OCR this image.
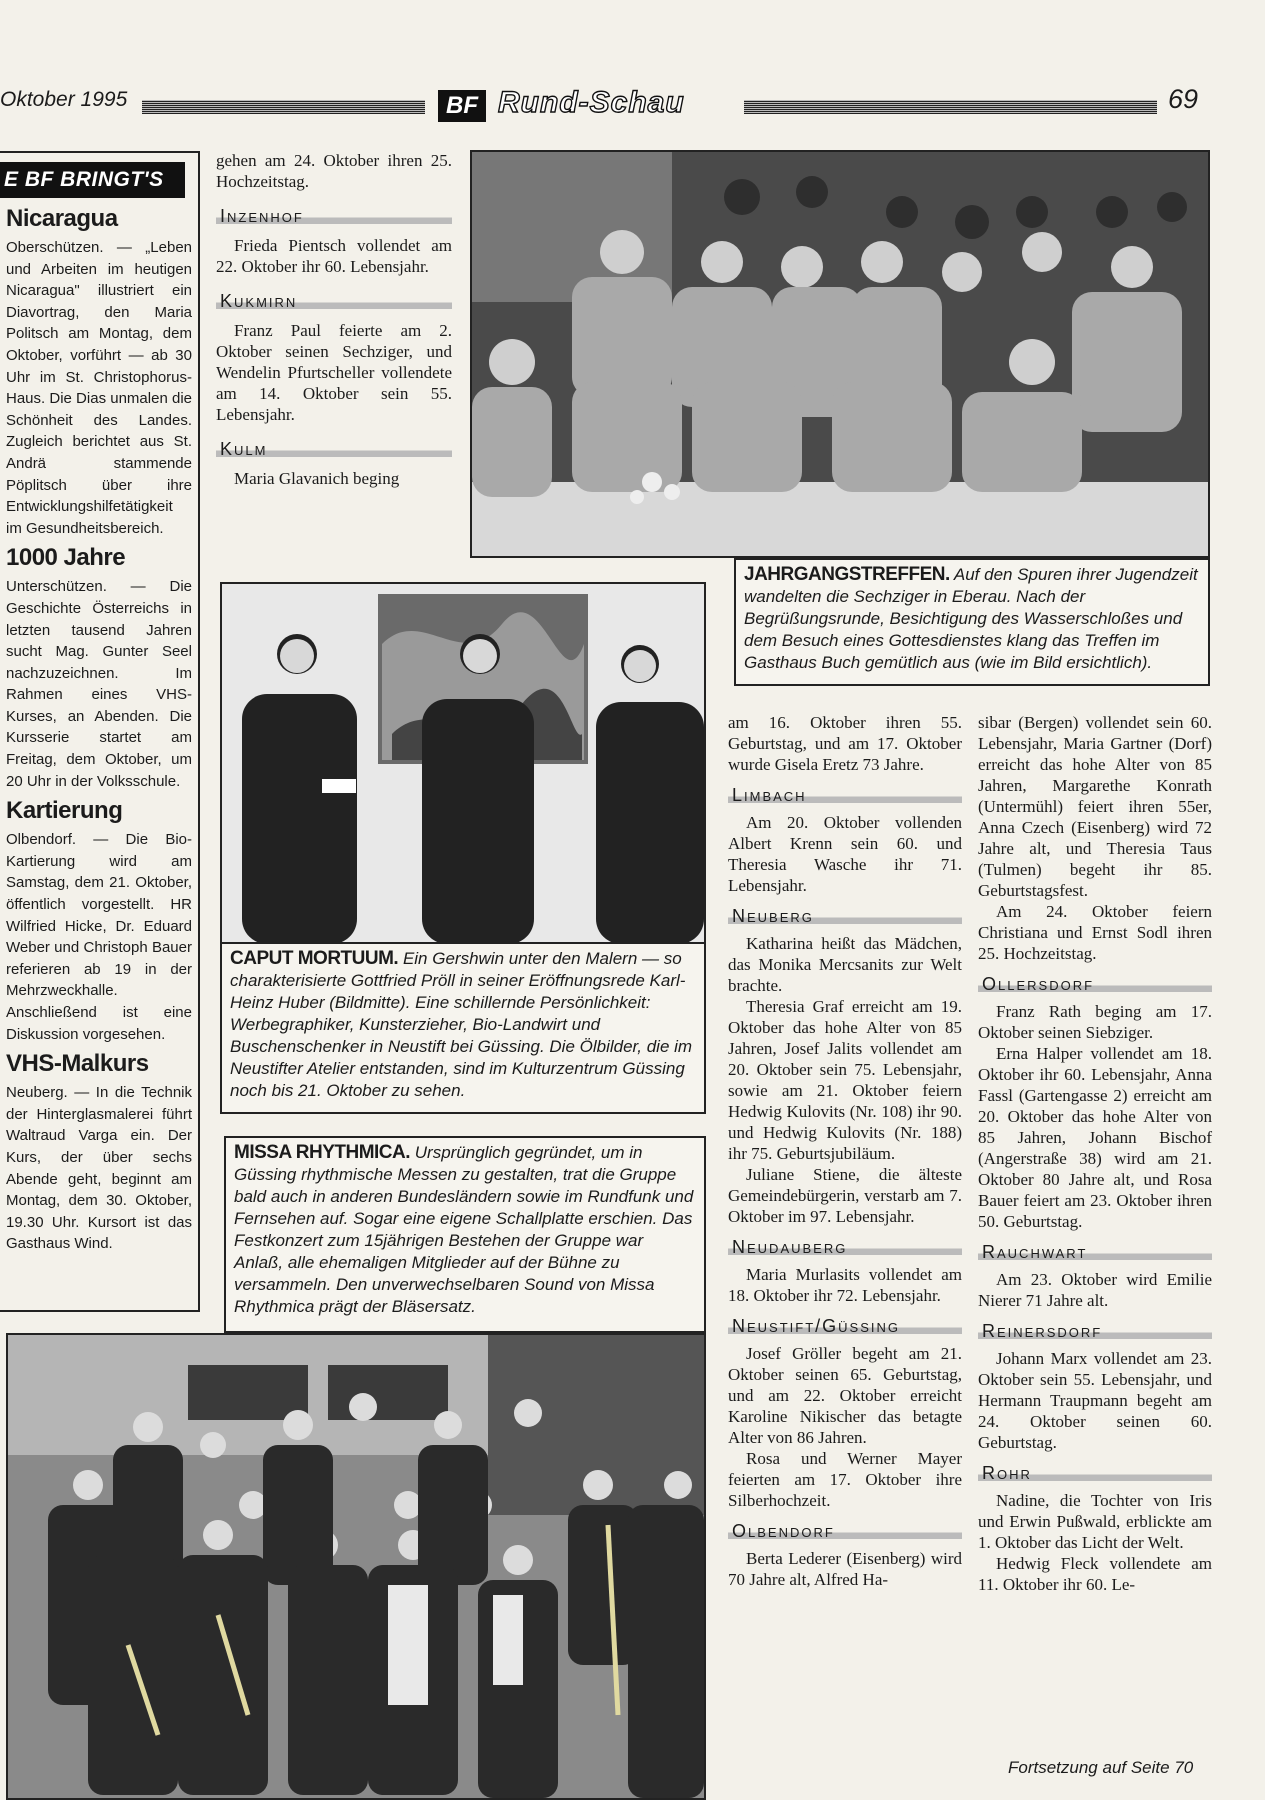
Oktober 1995	BF Rund-Schau	69
E BF BRINGT'S
Nicaragua

Oberschützen. — „Leben und Arbeiten im heutigen Nicaragua" illustriert ein Diavortrag, den Maria Politsch am Montag, dem Oktober, vorführt — ab 30 Uhr im St. Christophorus-Haus. Die Dias unmalen die Schönheit des Landes. Zugleich berichtet aus St. Andrä stammende Pöplitsch über ihre Entwicklungshilfetätigkeit im Gesundheitsbereich.

1000 Jahre

Unterschützen. — Die Geschichte Österreichs in letzten tausend Jahren sucht Mag. Gunter Seel nachzuzeichnen. Im Rahmen eines VHS-Kurses, an Abenden. Die Kursserie startet am Freitag, dem Oktober, um 20 Uhr in der Volksschule.

Kartierung

Olbendorf. — Die Bio-Kartierung wird am Samstag, dem 21. Oktober, öffentlich vorgestellt. HR Wilfried Hicke, Dr. Eduard Weber und Christoph Bauer referieren ab 19 in der Mehrzweckhalle. Anschließend ist eine Diskussion vorgesehen.

VHS-Malkurs

Neuberg. — In die Technik der Hinterglasmalerei führt Waltraud Varga ein. Der Kurs, der über sechs Abende geht, beginnt am Montag, dem 30. Oktober, 19.30 Uhr. Kursort ist das Gasthaus Wind.

gehen am 24. Oktober ihren 25. Hochzeitstag.

Inzenhof

Frieda Pientsch vollendet am 22. Oktober ihr 60. Lebensjahr.

Kukmirn

Franz Paul feierte am 2. Oktober seinen Sechziger, und Wendelin Pfurtscheller vollendete am 14. Oktober sein 55. Lebensjahr.

Kulm

Maria Glavanich beging

JAHRGANGSTREFFEN. Auf den Spuren ihrer Jugendzeit wandelten die Sechziger in Eberau. Nach der Begrüßungsrunde, Besichtigung des Wasserschloßes und dem Besuch eines Gottesdienstes klang das Treffen im Gasthaus Buch gemütlich aus (wie im Bild ersichtlich).
CAPUT MORTUUM. Ein Gershwin unter den Malern — so charakterisierte Gottfried Pröll in seiner Eröffnungsrede Karl-Heinz Huber (Bildmitte). Eine schillernde Persönlichkeit: Werbegraphiker, Kunsterzieher, Bio-Landwirt und Buschenschenker in Neustift bei Güssing. Die Ölbilder, die im Neustifter Atelier entstanden, sind im Kulturzentrum Güssing noch bis 21. Oktober zu sehen.
MISSA RHYTHMICA. Ursprünglich gegründet, um in Güssing rhythmische Messen zu gestalten, trat die Gruppe bald auch in anderen Bundesländern sowie im Rundfunk und Fernsehen auf. Sogar eine eigene Schallplatte erschien. Das Festkonzert zum 15jährigen Bestehen der Gruppe war Anlaß, alle ehemaligen Mitglieder auf der Bühne zu versammeln. Den unverwechselbaren Sound von Missa Rhythmica prägt der Bläsersatz.

am 16. Oktober ihren 55. Geburtstag, und am 17. Oktober wurde Gisela Eretz 73 Jahre.

Limbach

Am 20. Oktober vollenden Albert Krenn sein 60. und Theresia Wasche ihr 71. Lebensjahr.

Neuberg

Katharina heißt das Mädchen, das Monika Mercsanits zur Welt brachte.

Theresia Graf erreicht am 19. Oktober das hohe Alter von 85 Jahren, Josef Jalits vollendet am 20. Oktober sein 75. Lebensjahr, sowie am 21. Oktober feiern Hedwig Kulovits (Nr. 108) ihr 90. und Hedwig Kulovits (Nr. 188) ihr 75. Geburtsjubiläum.

Juliane Stiene, die älteste Gemeindebürgerin, verstarb am 7. Oktober im 97. Lebensjahr.

Neudauberg

Maria Murlasits vollendet am 18. Oktober ihr 72. Lebensjahr.

Neustift/Güssing

Josef Gröller begeht am 21. Oktober seinen 65. Geburtstag, und am 22. Oktober erreicht Karoline Nikischer das betagte Alter von 86 Jahren.

Rosa und Werner Mayer feierten am 17. Oktober ihre Silberhochzeit.

Olbendorf

Berta Lederer (Eisenberg) wird 70 Jahre alt, Alfred Ha-

sibar (Bergen) vollendet sein 60. Lebensjahr, Maria Gartner (Dorf) erreicht das hohe Alter von 85 Jahren, Margarethe Konrath (Untermühl) feiert ihren 55er, Anna Czech (Eisenberg) wird 72 Jahre alt, und Theresia Taus (Tulmen) begeht ihr 85. Geburtstagsfest.

Am 24. Oktober feiern Christiana und Ernst Sodl ihren 25. Hochzeitstag.

Ollersdorf

Franz Rath beging am 17. Oktober seinen Siebziger.

Erna Halper vollendet am 18. Oktober ihr 60. Lebensjahr, Anna Fassl (Gartengasse 2) erreicht am 20. Oktober das hohe Alter von 85 Jahren, Johann Bischof (Angerstraße 38) wird am 21. Oktober 80 Jahre alt, und Rosa Bauer feiert am 23. Oktober ihren 50. Geburtstag.

Rauchwart

Am 23. Oktober wird Emilie Nierer 71 Jahre alt.

Reinersdorf

Johann Marx vollendet am 23. Oktober sein 55. Lebensjahr, und Hermann Traupmann begeht am 24. Oktober seinen 60. Geburtstag.

Rohr

Nadine, die Tochter von Iris und Erwin Pußwald, erblickte am 1. Oktober das Licht der Welt.

Hedwig Fleck vollendete am 11. Oktober ihr 60. Le-

Fortsetzung auf Seite 70
